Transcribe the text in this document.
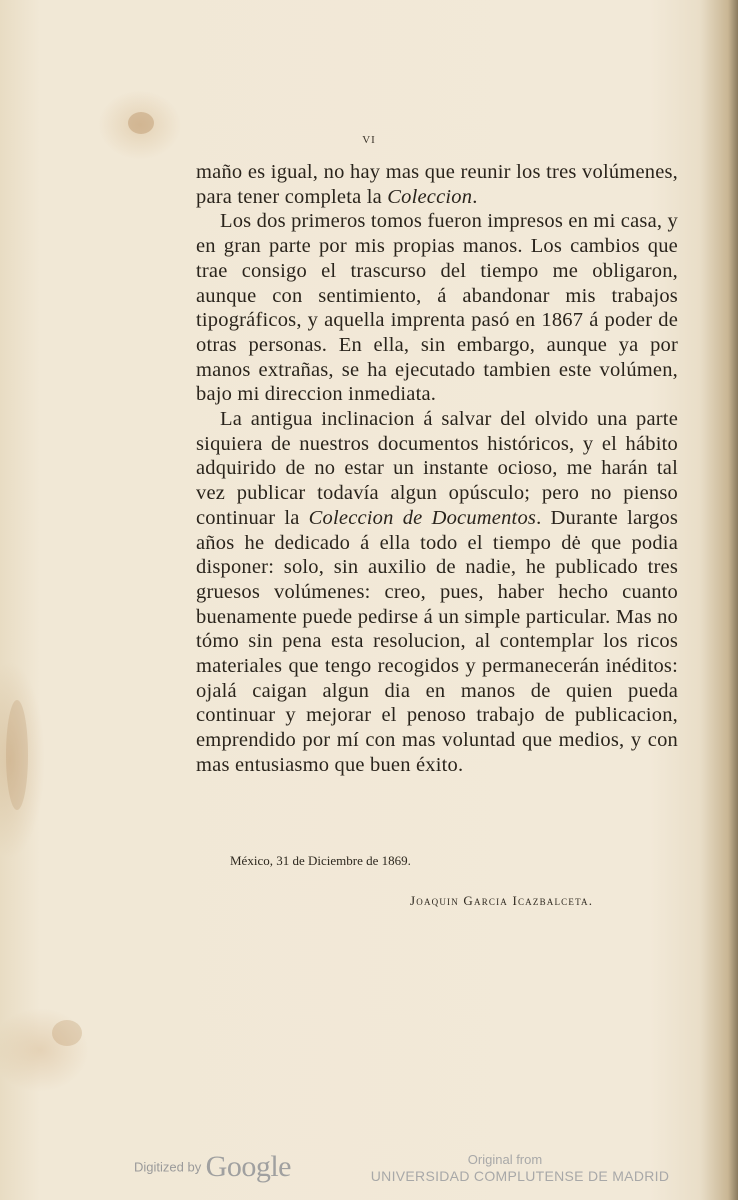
VI

maño es igual, no hay mas que reunir los tres volúmenes, para tener completa la Coleccion.

Los dos primeros tomos fueron impresos en mi casa, y en gran parte por mis propias manos. Los cambios que trae consigo el trascurso del tiempo me obligaron, aunque con sentimiento, á abandonar mis trabajos tipográficos, y aquella imprenta pasó en 1867 á poder de otras personas. En ella, sin embargo, aunque ya por manos extrañas, se ha ejecutado tambien este volúmen, bajo mi direccion inmediata.

La antigua inclinacion á salvar del olvido una parte siquiera de nuestros documentos históricos, y el hábito adquirido de no estar un instante ocioso, me harán tal vez publicar todavía algun opúsculo; pero no pienso continuar la Coleccion de Documentos. Durante largos años he dedicado á ella todo el tiempo dė que podia disponer: solo, sin auxilio de nadie, he publicado tres gruesos volúmenes: creo, pues, haber hecho cuanto buenamente puede pedirse á un simple particular. Mas no tómo sin pena esta resolucion, al contemplar los ricos materiales que tengo recogidos y permanecerán inéditos: ojalá caigan algun dia en manos de quien pueda continuar y mejorar el penoso trabajo de publicacion, emprendido por mí con mas voluntad que medios, y con mas entusiasmo que buen éxito.

México, 31 de Diciembre de 1869.
Joaquin Garcia Icazbalceta.
Digitized by Google	Original from
UNIVERSIDAD COMPLUTENSE DE MADRID
